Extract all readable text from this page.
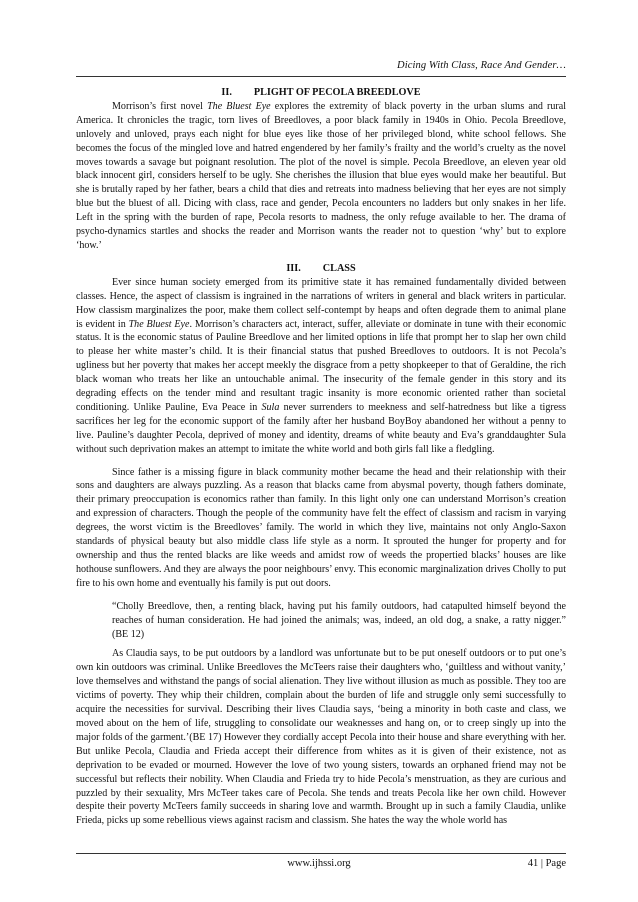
Dicing With Class, Race And Gender…

II. PLIGHT OF PECOLA BREEDLOVE

Morrison’s first novel The Bluest Eye explores the extremity of black poverty in the urban slums and rural America. It chronicles the tragic, torn lives of Breedloves, a poor black family in 1940s in Ohio. Pecola Breedlove, unlovely and unloved, prays each night for blue eyes like those of her privileged blond, white school fellows. She becomes the focus of the mingled love and hatred engendered by her family’s frailty and the world’s cruelty as the novel moves towards a savage but poignant resolution. The plot of the novel is simple. Pecola Breedlove, an eleven year old black innocent girl, considers herself to be ugly. She cherishes the illusion that blue eyes would make her beautiful. But she is brutally raped by her father, bears a child that dies and retreats into madness believing that her eyes are not simply blue but the bluest of all. Dicing with class, race and gender, Pecola encounters no ladders but only snakes in her life. Left in the spring with the burden of rape, Pecola resorts to madness, the only refuge available to her. The drama of psycho-dynamics startles and shocks the reader and Morrison wants the reader not to question ‘why’ but to explore ‘how.’

III. CLASS

Ever since human society emerged from its primitive state it has remained fundamentally divided between classes. Hence, the aspect of classism is ingrained in the narrations of writers in general and black writers in particular. How classism marginalizes the poor, make them collect self-contempt by heaps and often degrade them to animal plane is evident in The Bluest Eye. Morrison’s characters act, interact, suffer, alleviate or dominate in tune with their economic status. It is the economic status of Pauline Breedlove and her limited options in life that prompt her to slap her own child to please her white master’s child. It is their financial status that pushed Breedloves to outdoors. It is not Pecola’s ugliness but her poverty that makes her accept meekly the disgrace from a petty shopkeeper to that of Geraldine, the rich black woman who treats her like an untouchable animal. The insecurity of the female gender in this story and its degrading effects on the tender mind and resultant tragic insanity is more economic oriented rather than societal conditioning. Unlike Pauline, Eva Peace in Sula never surrenders to meekness and self-hatredness but like a tigress sacrifices her leg for the economic support of the family after her husband BoyBoy abandoned her without a penny to live. Pauline’s daughter Pecola, deprived of money and identity, dreams of white beauty and Eva’s granddaughter Sula without such deprivation makes an attempt to imitate the white world and both girls fall like a fledgling.

Since father is a missing figure in black community mother became the head and their relationship with their sons and daughters are always puzzling. As a reason that blacks came from abysmal poverty, though fathers dominate, their primary preoccupation is economics rather than family. In this light only one can understand Morrison’s creation and expression of characters. Though the people of the community have felt the effect of classism and racism in varying degrees, the worst victim is the Breedloves’ family. The world in which they live, maintains not only Anglo-Saxon standards of physical beauty but also middle class life style as a norm. It sprouted the hunger for property and for ownership and thus the rented blacks are like weeds and amidst row of weeds the propertied blacks’ houses are like hothouse sunflowers. And they are always the poor neighbours’ envy. This economic marginalization drives Cholly to put fire to his own home and eventually his family is put out doors.

“Cholly Breedlove, then, a renting black, having put his family outdoors, had catapulted himself beyond the reaches of human consideration. He had joined the animals; was, indeed, an old dog, a snake, a ratty nigger.” (BE 12)

As Claudia says, to be put outdoors by a landlord was unfortunate but to be put oneself outdoors or to put one’s own kin outdoors was criminal. Unlike Breedloves the McTeers raise their daughters who, ‘guiltless and without vanity,’ love themselves and withstand the pangs of social alienation. They live without illusion as much as possible. They too are victims of poverty. They whip their children, complain about the burden of life and struggle only semi successfully to acquire the necessities for survival. Describing their lives Claudia says, ‘being a minority in both caste and class, we moved about on the hem of life, struggling to consolidate our weaknesses and hang on, or to creep singly up into the major folds of the garment.’(BE 17) However they cordially accept Pecola into their house and share everything with her. But unlike Pecola, Claudia and Frieda accept their difference from whites as it is given of their existence, not as deprivation to be evaded or mourned. However the love of two young sisters, towards an orphaned friend may not be successful but reflects their nobility. When Claudia and Frieda try to hide Pecola’s menstruation, as they are curious and puzzled by their sexuality, Mrs McTeer takes care of Pecola. She tends and treats Pecola like her own child. However despite their poverty McTeers family succeeds in sharing love and warmth. Brought up in such a family Claudia, unlike Frieda, picks up some rebellious views against racism and classism. She hates the way the whole world has

www.ijhssi.org	41 | Page
